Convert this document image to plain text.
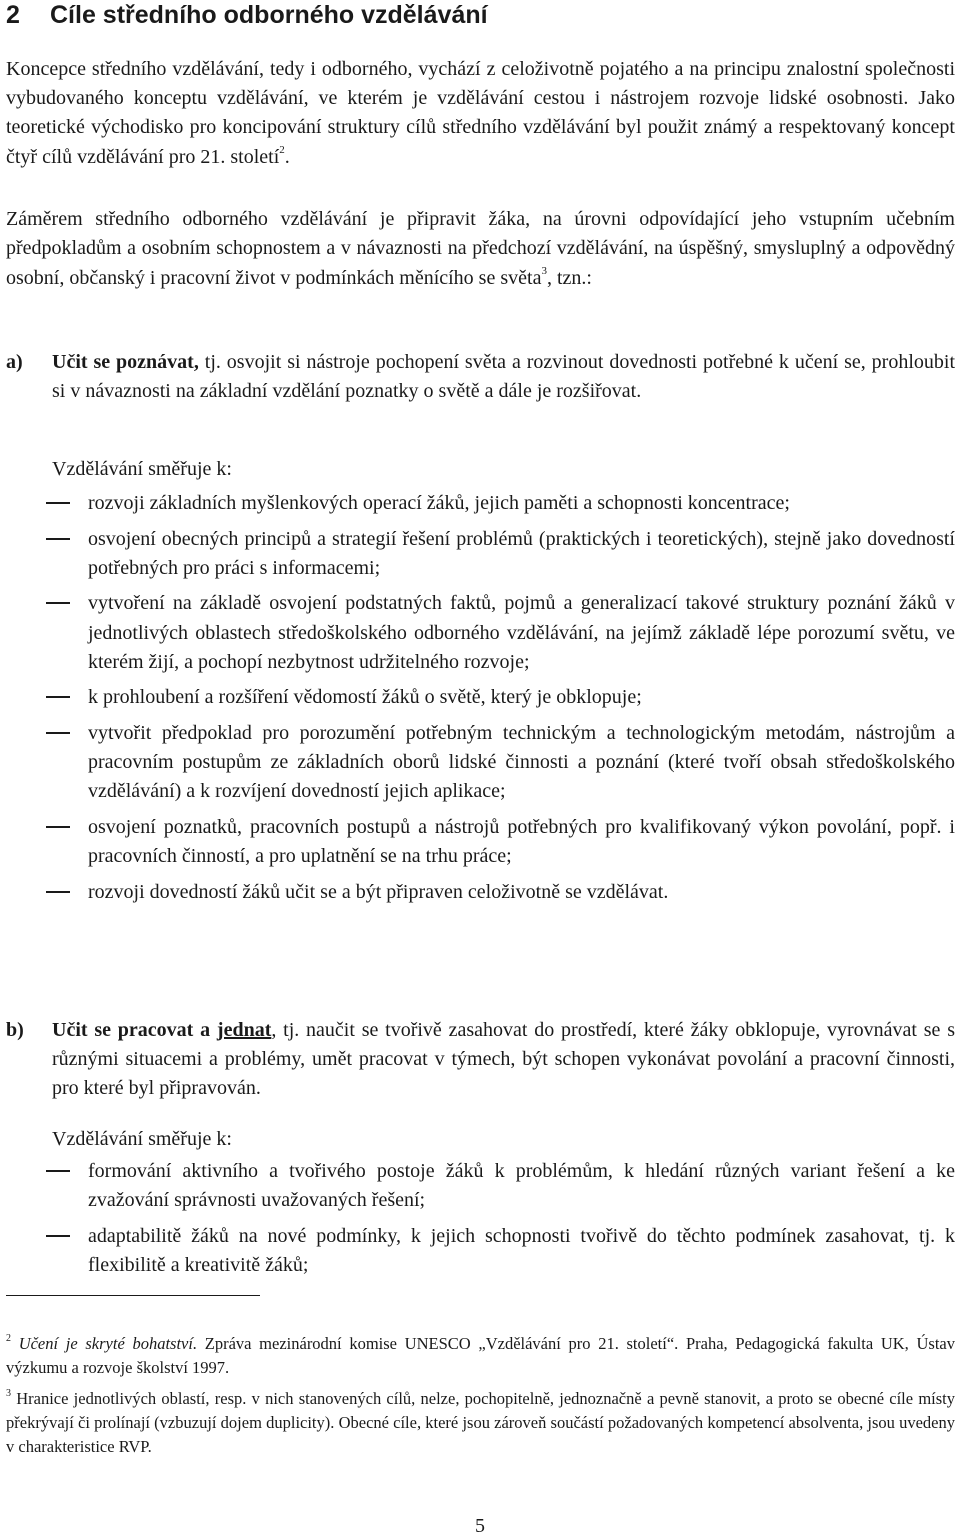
2 Cíle středního odborného vzdělávání

Koncepce středního vzdělávání, tedy i odborného, vychází z celoživotně pojatého a na principu znalostní společnosti vybudovaného konceptu vzdělávání, ve kterém je vzdělávání cestou i nástrojem rozvoje lidské osobnosti. Jako teoretické východisko pro koncipování struktury cílů středního vzdělávání byl použit známý a respektovaný koncept čtyř cílů vzdělávání pro 21. století$^2$.

Záměrem středního odborného vzdělávání je připravit žáka, na úrovni odpovídající jeho vstupním učebním předpokladům a osobním schopnostem a v návaznosti na předchozí vzdělávání, na úspěšný, smysluplný a odpovědný osobní, občanský i pracovní život v podmínkách měnícího se světa$^3$, tzn.:

a) Učit se poznávat, tj. osvojit si nástroje pochopení světa a rozvinout dovednosti potřebné k učení se, prohloubit si v návaznosti na základní vzdělání poznatky o světě a dále je rozšiřovat.

Vzdělávání směřuje k:

rozvoji základních myšlenkových operací žáků, jejich paměti a schopnosti koncentrace;
osvojení obecných principů a strategií řešení problémů (praktických i teoretických), stejně jako dovedností potřebných pro práci s informacemi;
vytvoření na základě osvojení podstatných faktů, pojmů a generalizací takové struktury poznání žáků v jednotlivých oblastech středoškolského odborného vzdělávání, na jejímž základě lépe porozumí světu, ve kterém žijí, a pochopí nezbytnost udržitelného rozvoje;
k prohloubení a rozšíření vědomostí žáků o světě, který je obklopuje;
vytvořit předpoklad pro porozumění potřebným technickým a technologickým metodám, nástrojům a pracovním postupům ze základních oborů lidské činnosti a poznání (které tvoří obsah středoškolského vzdělávání) a k rozvíjení dovedností jejich aplikace;
osvojení poznatků, pracovních postupů a nástrojů potřebných pro kvalifikovaný výkon povolání, popř. i pracovních činností, a pro uplatnění se na trhu práce;
rozvoji dovedností žáků učit se a být připraven celoživotně se vzdělávat.
b) Učit se pracovat a jednat, tj. naučit se tvořivě zasahovat do prostředí, které žáky obklopuje, vyrovnávat se s různými situacemi a problémy, umět pracovat v týmech, být schopen vykonávat povolání a pracovní činnosti, pro které byl připravován.

Vzdělávání směřuje k:

formování aktivního a tvořivého postoje žáků k problémům, k hledání různých variant řešení a ke zvažování správnosti uvažovaných řešení;
adaptabilitě žáků na nové podmínky, k jejich schopnosti tvořivě do těchto podmínek zasahovat, tj. k flexibilitě a kreativitě žáků;

$^2$ Učení je skryté bohatství. Zpráva mezinárodní komise UNESCO „Vzdělávání pro 21. století“. Praha, Pedagogická fakulta UK, Ústav výzkumu a rozvoje školství 1997.

$^3$ Hranice jednotlivých oblastí, resp. v nich stanovených cílů, nelze, pochopitelně, jednoznačně a pevně stanovit, a proto se obecné cíle místy překrývají či prolínají (vzbuzují dojem duplicity). Obecné cíle, které jsou zároveň součástí požadovaných kompetencí absolventa, jsou uvedeny v charakteristice RVP.

5
